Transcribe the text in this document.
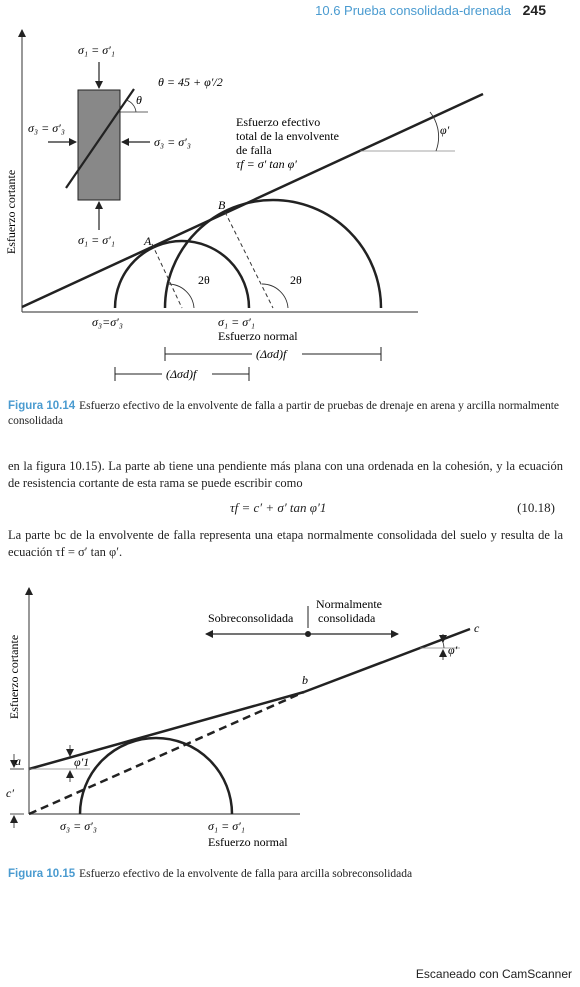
10.6 Prueba consolidada-drenada 245
Esfuerzo cortante
2θ	2θ
A
B
θ
σ₁ = σ′₁
σ₁ = σ′₁
σ₃ = σ′₃
σ₃ = σ′₃
θ = 45 + φ′/2
Esfuerzo efectivo
total de la envolvente
de falla
τf = σ′ tan φ′
φ′
σ₃=σ′₃	σ₁ = σ′₁
Esfuerzo normal
(Δσd)f
(Δσd)f
Figura 10.14 Esfuerzo efectivo de la envolvente de falla a partir de pruebas de drenaje en arena y arcilla normalmente consolidada
en la figura 10.15). La parte ab tiene una pendiente más plana con una ordenada en la cohesión, y la ecuación de resistencia cortante de esta rama se puede escribir como
τf = c′ + σ′ tan φ′1	(10.18)
La parte bc de la envolvente de falla representa una etapa normalmente consolidada del suelo y resulta de la ecuación τf = σ′ tan φ′.
Esfuerzo cortante	φ′
φ′1
c′
a
b
c
Normalmente
consolidada
Sobreconsolidada
σ₃ = σ′₃	σ₁ = σ′₁
Esfuerzo normal
Figura 10.15 Esfuerzo efectivo de la envolvente de falla para arcilla sobreconsolidada
Escaneado con CamScanner
